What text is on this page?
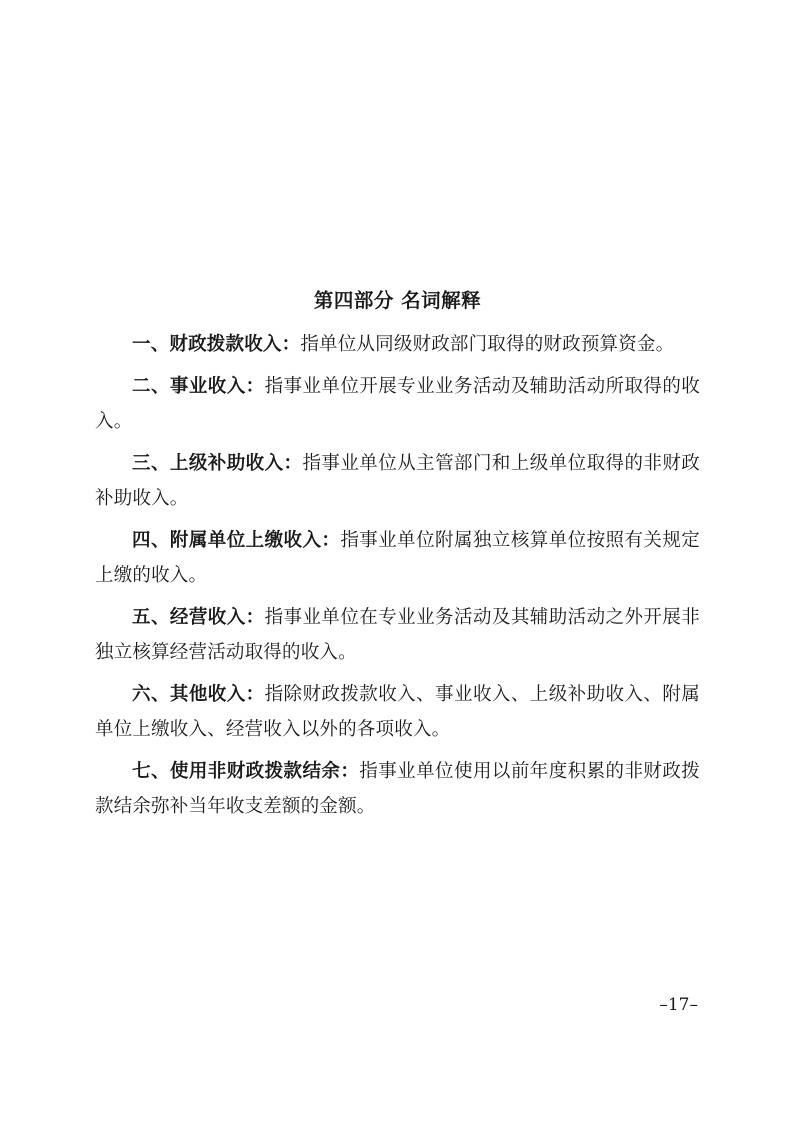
第四部分 名词解释

一、财政拨款收入：指单位从同级财政部门取得的财政预算资金。

二、事业收入：指事业单位开展专业业务活动及辅助活动所取得的收入。

三、上级补助收入：指事业单位从主管部门和上级单位取得的非财政补助收入。

四、附属单位上缴收入：指事业单位附属独立核算单位按照有关规定上缴的收入。

五、经营收入：指事业单位在专业业务活动及其辅助活动之外开展非独立核算经营活动取得的收入。

六、其他收入：指除财政拨款收入、事业收入、上级补助收入、附属单位上缴收入、经营收入以外的各项收入。

七、使用非财政拨款结余：指事业单位使用以前年度积累的非财政拨款结余弥补当年收支差额的金额。

–17–
